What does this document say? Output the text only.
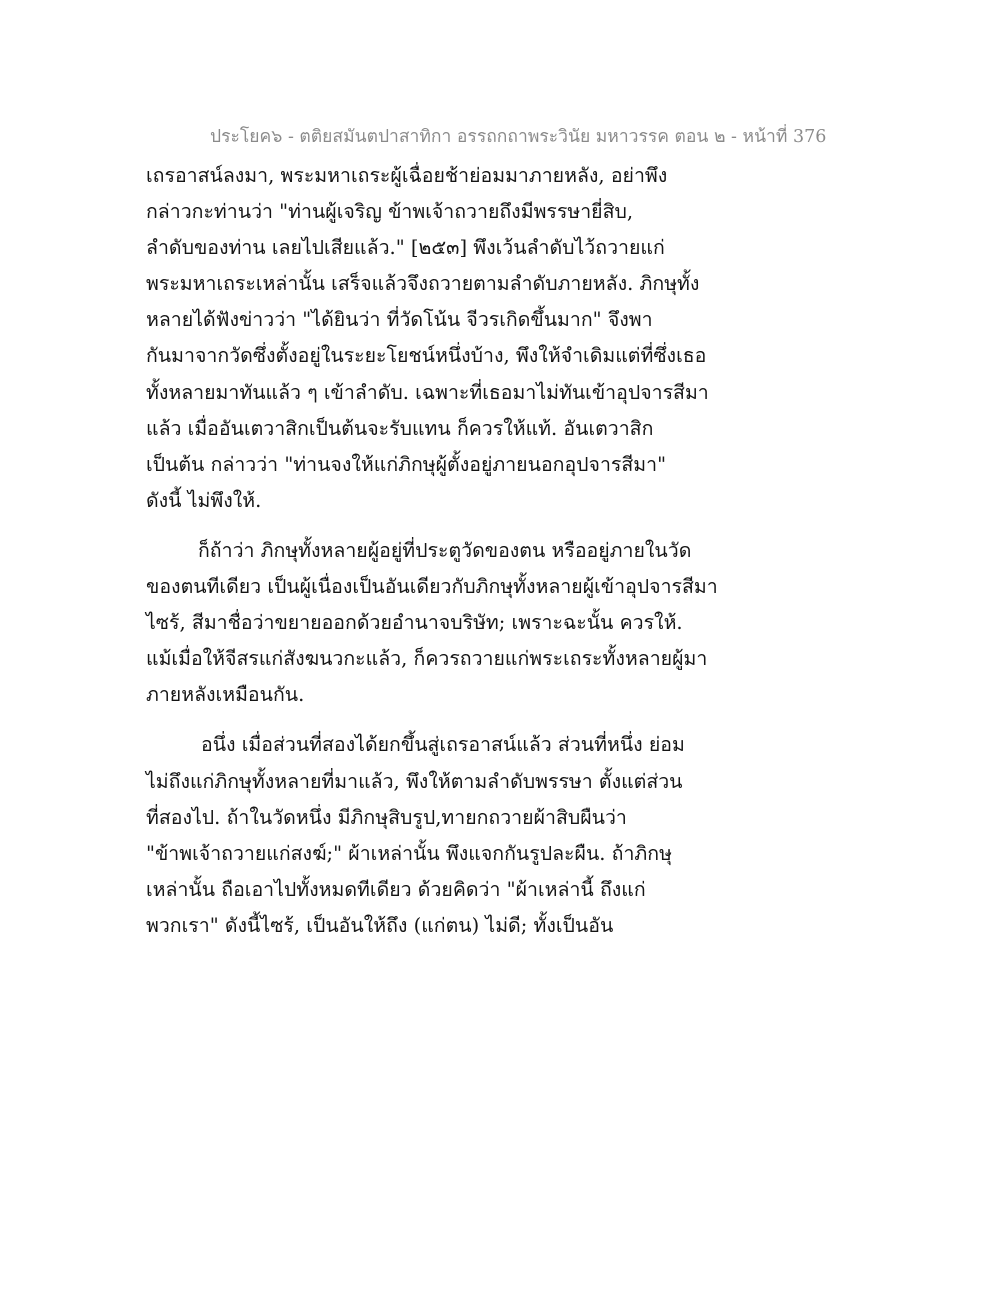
ประโยค๖ - ตติยสมันตปาสาทิกา อรรถกถาพระวินัย มหาวรรค ตอน ๒ - หน้าที่ 376
เถรอาสน์ลงมา, พระมหาเถระผู้เฉื่อยช้าย่อมมาภายหลัง, อย่าพึง
กล่าวกะท่านว่า "ท่านผู้เจริญ ข้าพเจ้าถวายถึงมีพรรษายี่สิบ,
ลำดับของท่าน เลยไปเสียแล้ว." [๒๕๓] พึงเว้นลำดับไว้ถวายแก่
พระมหาเถระเหล่านั้น เสร็จแล้วจึงถวายตามลำดับภายหลัง. ภิกษุทั้ง
หลายได้ฟังข่าวว่า "ได้ยินว่า ที่วัดโน้น จีวรเกิดขึ้นมาก" จึงพา
กันมาจากวัดซึ่งตั้งอยู่ในระยะโยชน์หนึ่งบ้าง, พึงให้จำเดิมแต่ที่ซึ่งเธอ
ทั้งหลายมาทันแล้ว ๆ เข้าลำดับ. เฉพาะที่เธอมาไม่ทันเข้าอุปจารสีมา
แล้ว เมื่ออันเตวาสิกเป็นต้นจะรับแทน ก็ควรให้แท้. อันเตวาสิก
เป็นต้น กล่าวว่า "ท่านจงให้แก่ภิกษุผู้ตั้งอยู่ภายนอกอุปจารสีมา"
ดังนี้ ไม่พึงให้.
ก็ถ้าว่า ภิกษุทั้งหลายผู้อยู่ที่ประตูวัดของตน หรืออยู่ภายในวัด
ของตนทีเดียว เป็นผู้เนื่องเป็นอันเดียวกับภิกษุทั้งหลายผู้เข้าอุปจารสีมา
ไซร้, สีมาชื่อว่าขยายออกด้วยอำนาจบริษัท; เพราะฉะนั้น ควรให้.
แม้เมื่อให้จีสรแก่สังฆนวกะแล้ว, ก็ควรถวายแก่พระเถระทั้งหลายผู้มา
ภายหลังเหมือนกัน.
อนึ่ง เมื่อส่วนที่สองได้ยกขึ้นสู่เถรอาสน์แล้ว ส่วนที่หนึ่ง ย่อม
ไม่ถึงแก่ภิกษุทั้งหลายที่มาแล้ว, พึงให้ตามลำดับพรรษา ตั้งแต่ส่วน
ที่สองไป. ถ้าในวัดหนึ่ง มีภิกษุสิบรูป,ทายกถวายผ้าสิบผืนว่า
"ข้าพเจ้าถวายแก่สงฆ์;" ผ้าเหล่านั้น พึงแจกกันรูปละผืน. ถ้าภิกษุ
เหล่านั้น ถือเอาไปทั้งหมดทีเดียว ด้วยคิดว่า "ผ้าเหล่านี้ ถึงแก่
พวกเรา" ดังนี้ไซร้, เป็นอันให้ถึง (แก่ตน) ไม่ดี; ทั้งเป็นอัน
